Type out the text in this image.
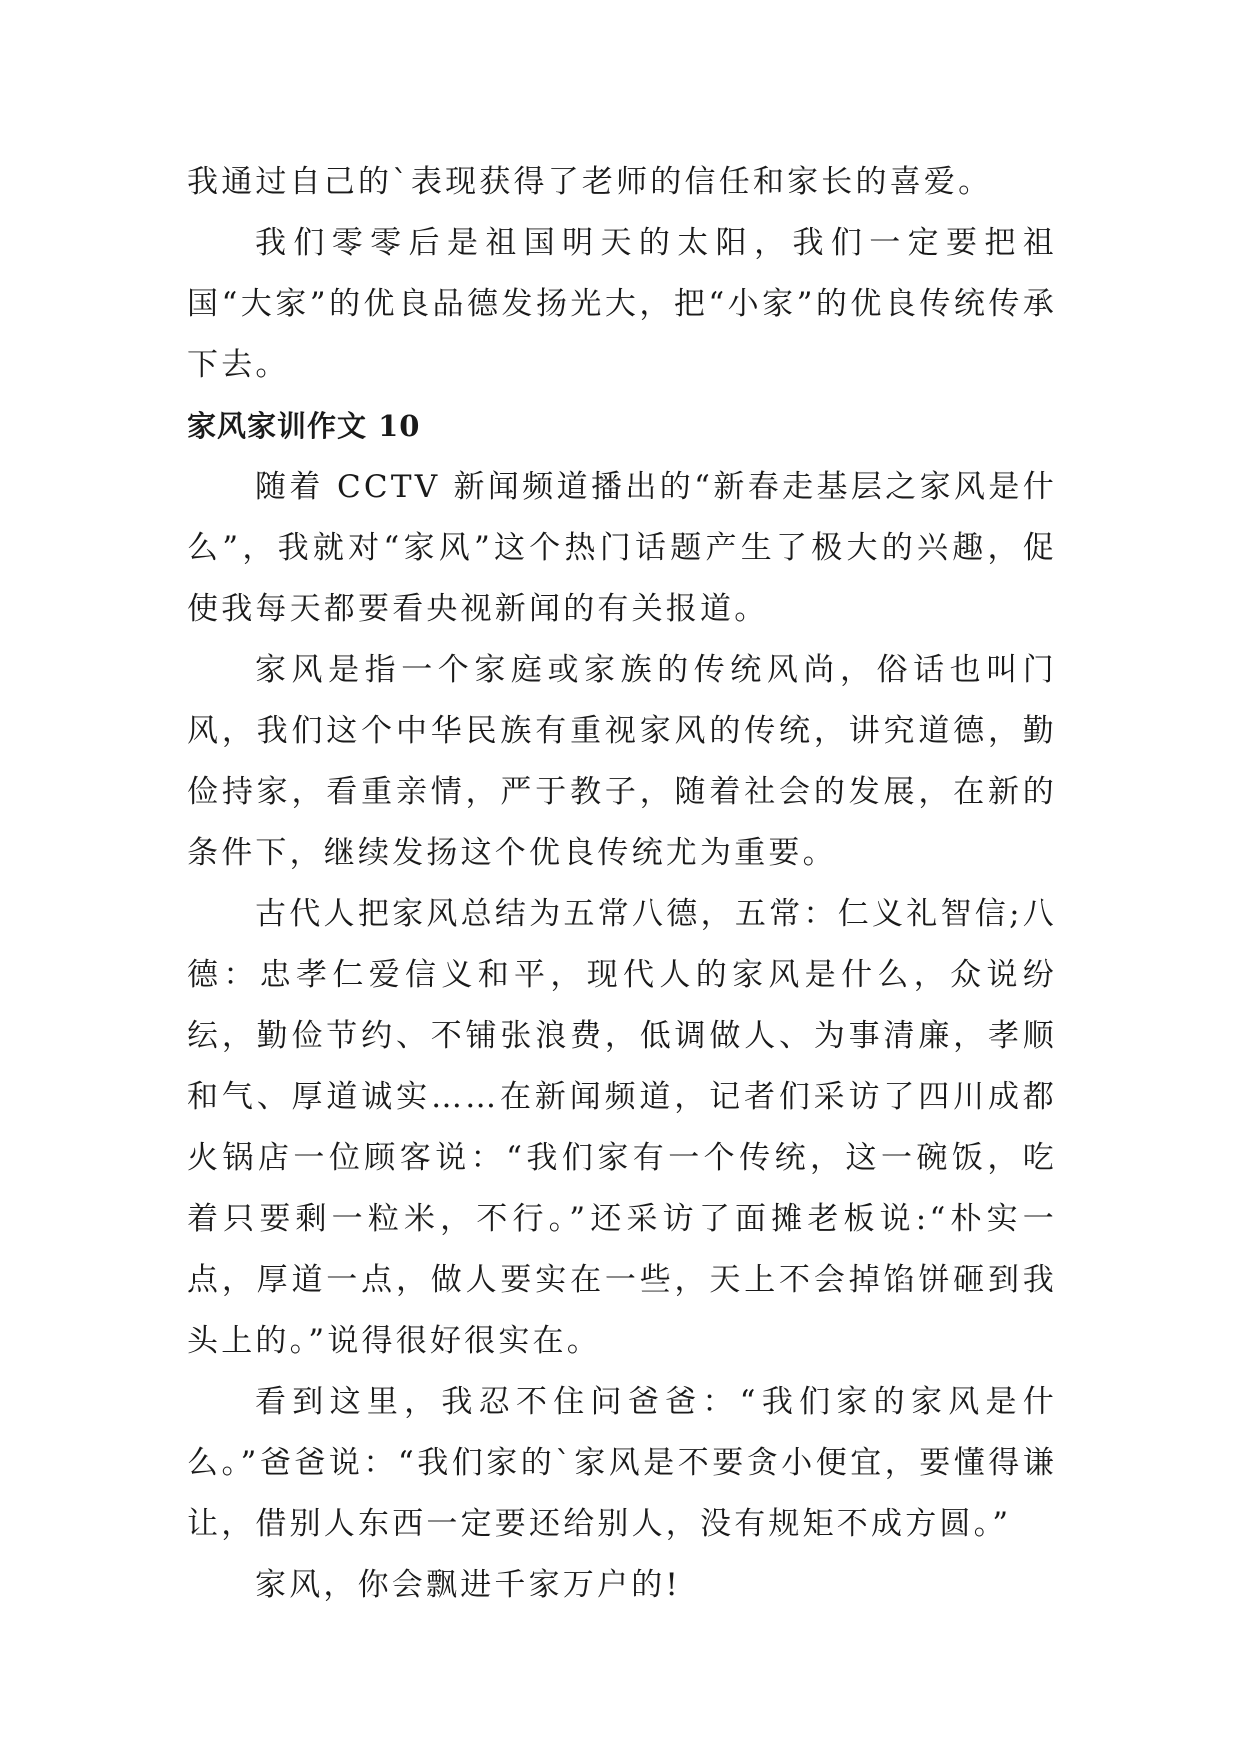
我通过自己的`表现获得了老师的信任和家长的喜爱。

我们零零后是祖国明天的太阳，我们一定要把祖国“大家”的优良品德发扬光大，把“小家”的优良传统传承下去。

家风家训作文 10

随着 CCTV 新闻频道播出的“新春走基层之家风是什么”，我就对“家风”这个热门话题产生了极大的兴趣，促使我每天都要看央视新闻的有关报道。

家风是指一个家庭或家族的传统风尚，俗话也叫门风，我们这个中华民族有重视家风的传统，讲究道德，勤俭持家，看重亲情，严于教子，随着社会的发展，在新的条件下，继续发扬这个优良传统尤为重要。

古代人把家风总结为五常八德，五常：仁义礼智信;八德：忠孝仁爱信义和平，现代人的家风是什么，众说纷纭，勤俭节约、不铺张浪费，低调做人、为事清廉，孝顺和气、厚道诚实……在新闻频道，记者们采访了四川成都火锅店一位顾客说：“我们家有一个传统，这一碗饭，吃着只要剩一粒米，不行。”还采访了面摊老板说:“朴实一点，厚道一点，做人要实在一些，天上不会掉馅饼砸到我头上的。”说得很好很实在。

看到这里，我忍不住问爸爸：“我们家的家风是什么。”爸爸说：“我们家的`家风是不要贪小便宜，要懂得谦让，借别人东西一定要还给别人，没有规矩不成方圆。”

家风，你会飘进千家万户的!
